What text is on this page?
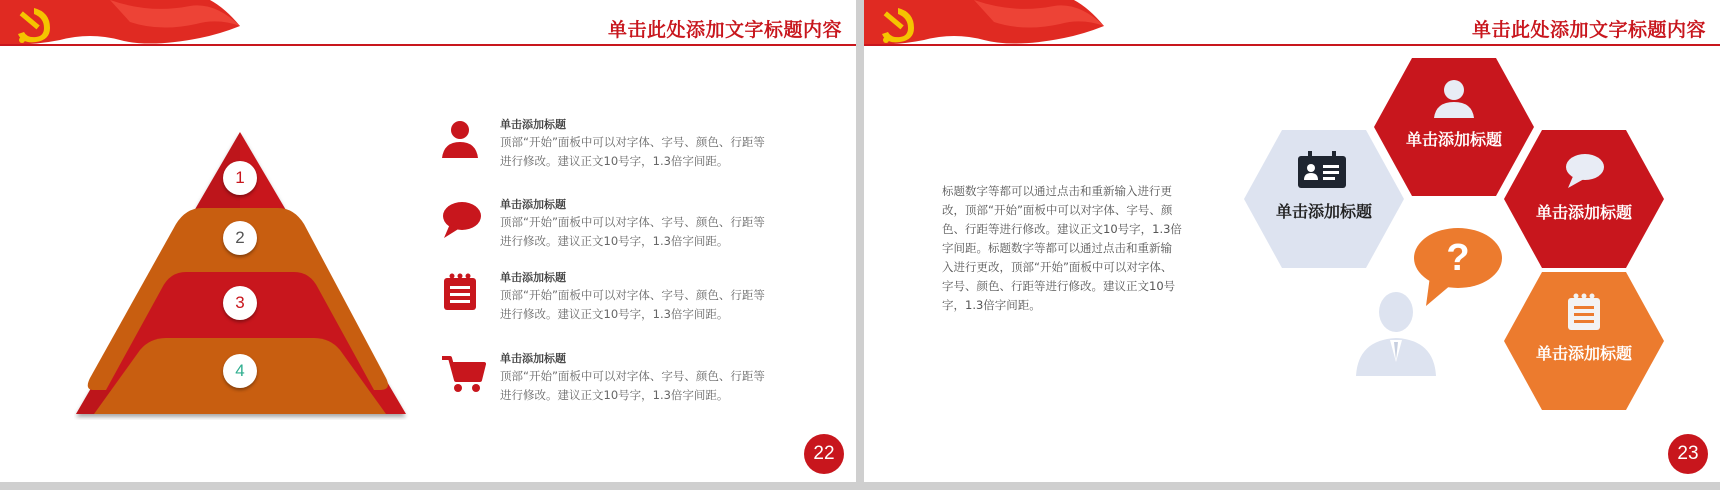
单击此处添加文字标题内容
1
2
3
4
单击添加标题
顶部“开始”面板中可以对字体、字号、颜色、行距等进行修改。建议正文10号字，1.3倍字间距。
单击添加标题
顶部“开始”面板中可以对字体、字号、颜色、行距等进行修改。建议正文10号字，1.3倍字间距。
单击添加标题
顶部“开始”面板中可以对字体、字号、颜色、行距等进行修改。建议正文10号字，1.3倍字间距。
单击添加标题
顶部“开始”面板中可以对字体、字号、颜色、行距等进行修改。建议正文10号字，1.3倍字间距。
22
单击此处添加文字标题内容
标题数字等都可以通过点击和重新输入进行更改，顶部“开始”面板中可以对字体、字号、颜色、行距等进行修改。建议正文10号字，1.3倍字间距。标题数字等都可以通过点击和重新输入进行更改，顶部“开始”面板中可以对字体、字号、颜色、行距等进行修改。建议正文10号字，1.3倍字间距。
单击添加标题
单击添加标题
单击添加标题
单击添加标题
?
23
